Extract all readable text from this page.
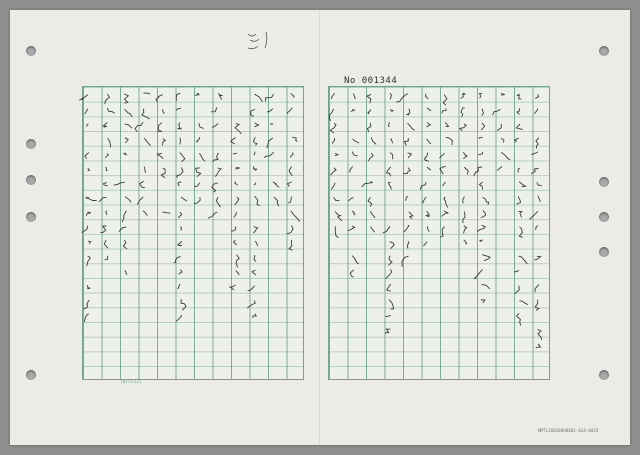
No 001344
(0)5(32)
NMTL20030060001-014-0024
